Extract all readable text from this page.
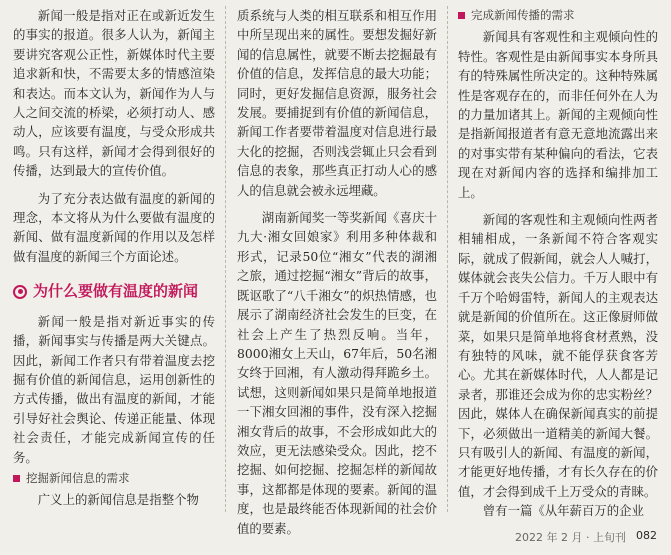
新闻一般是指对正在或新近发生的事实的报道。很多人认为，新闻主要讲究客观公正性，新媒体时代主要追求新和快，不需要太多的情感渲染和表达。而本文认为，新闻作为人与人之间交流的桥梁，必须打动人、感动人，应该要有温度，与受众形成共鸣。只有这样，新闻才会得到很好的传播，达到最大的宣传价值。

为了充分表达做有温度的新闻的理念，本文将从为什么要做有温度的新闻、做有温度新闻的作用以及怎样做有温度的新闻三个方面论述。

为什么要做有温度的新闻

新闻一般是指对新近事实的传播，新闻事实与传播是两大关键点。因此，新闻工作者只有带着温度去挖掘有价值的新闻信息，运用创新性的方式传播，做出有温度的新闻，才能引导好社会舆论、传递正能量、体现社会责任，才能完成新闻宣传的任务。

挖掘新闻信息的需求

广义上的新闻信息是指整个物

质系统与人类的相互联系和相互作用中所呈现出来的属性。要想发掘好新闻的信息属性，就要不断去挖掘最有价值的信息，发挥信息的最大功能；同时，更好发掘信息资源，服务社会发展。要捕捉到有价值的新闻信息，新闻工作者要带着温度对信息进行最大化的挖掘，否则浅尝辄止只会看到信息的表象，那些真正打动人心的感人的信息就会被永远埋藏。

湖南新闻奖一等奖新闻《喜庆十九大·湘女回娘家》利用多种体裁和形式，记录50位“湘女”代表的湖湘之旅，通过挖掘“湘女”背后的故事，既讴歌了“八千湘女”的炽热情感，也展示了湖南经济社会发生的巨变，在社会上产生了热烈反响。当年，8000湘女上天山，67年后，50名湘女终于回湘，有人激动得拜跪乡土。试想，这则新闻如果只是简单地报道一下湘女回湘的事件，没有深入挖掘湘女背后的故事，不会形成如此大的效应，更无法感染受众。因此，挖不挖掘、如何挖掘、挖掘怎样的新闻故事，这都都是体现的要素。新闻的温度，也是最终能否体现新闻的社会价值的要素。

完成新闻传播的需求

新闻具有客观性和主观倾向性的特性。客观性是由新闻事实本身所具有的特殊属性所决定的。这种特殊属性是客观存在的，而非任何外在人为的力量加诸其上。新闻的主观倾向性是指新闻报道者有意无意地流露出来的对事实带有某种偏向的看法，它表现在对新闻内容的选择和编排加工上。

新闻的客观性和主观倾向性两者相辅相成，一条新闻不符合客观实际，就成了假新闻，就会人人喊打，媒体就会丧失公信力。千万人眼中有千万个哈姆雷特，新闻人的主观表达就是新闻的价值所在。这正像厨师做菜，如果只是简单地将食材煮熟，没有独特的风味，就不能俘获食客芳心。尤其在新媒体时代，人人都是记录者，那谁还会成为你的忠实粉丝？因此，媒体人在确保新闻真实的前提下，必须做出一道精美的新闻大餐。只有吸引人的新闻、有温度的新闻，才能更好地传播，才有长久存在的价值，才会得到成千上万受众的青睐。

曾有一篇《从年薪百万的企业

2022 年 2 月 · 上旬刊 082
